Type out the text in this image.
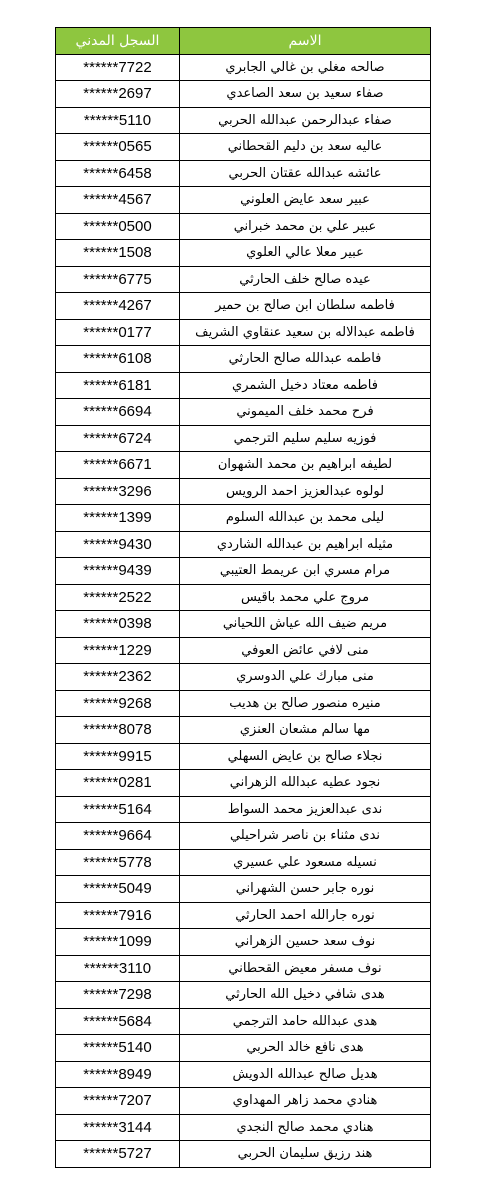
السجل المدني	الاسم
******7722	صالحه مغلي بن غالي الجابري
******2697	صفاء سعيد بن سعد الصاعدي
******5110	صفاء عبدالرحمن عبدالله الحربي
******0565	عاليه سعد بن دليم القحطاني
******6458	عائشه عبدالله عقتان الحربي
******4567	عبير سعد عايض العلوني
******0500	عبير علي بن محمد خبراني
******1508	عبير معلا عالي العلوي
******6775	عيده صالح خلف الحارثي
******4267	فاطمه سلطان ابن صالح بن حمير
******0177	فاطمه عبدالاله بن سعيد عنقاوي الشريف
******6108	فاطمه عبدالله صالح الحارثي
******6181	فاطمه معتاد دخيل الشمري
******6694	فرح محمد خلف الميموني
******6724	فوزيه سليم سليم الترجمي
******6671	لطيفه ابراهيم بن محمد الشهوان
******3296	لولوه عبدالعزيز احمد الرويس
******1399	ليلى محمد بن عبدالله السلوم
******9430	مثيله ابراهيم بن عبدالله الشاردي
******9439	مرام مسري ابن عريمط العتيبي
******2522	مروج علي محمد باقيس
******0398	مريم ضيف الله عياش اللحياني
******1229	منى لافي عائض العوفي
******2362	منى مبارك علي الدوسري
******9268	منيره منصور صالح بن هديب
******8078	مها سالم مشعان العنزي
******9915	نجلاء صالح بن عايض السهلي
******0281	نجود عطيه عبدالله الزهراني
******5164	ندى عبدالعزيز محمد السواط
******9664	ندى مثناء بن ناصر شراحيلي
******5778	نسيله مسعود علي عسيري
******5049	نوره جابر حسن الشهراني
******7916	نوره جارالله احمد الحارثي
******1099	نوف سعد حسين الزهراني
******3110	نوف مسفر معيض القحطاني
******7298	هدى شافي دخيل الله الحارثي
******5684	هدى عبدالله حامد الترجمي
******5140	هدى نافع خالد الحربي
******8949	هديل صالح عبدالله الدويش
******7207	هنادي محمد زاهر المهداوي
******3144	هنادي محمد صالح النجدي
******5727	هند رزيق سليمان الحربي
